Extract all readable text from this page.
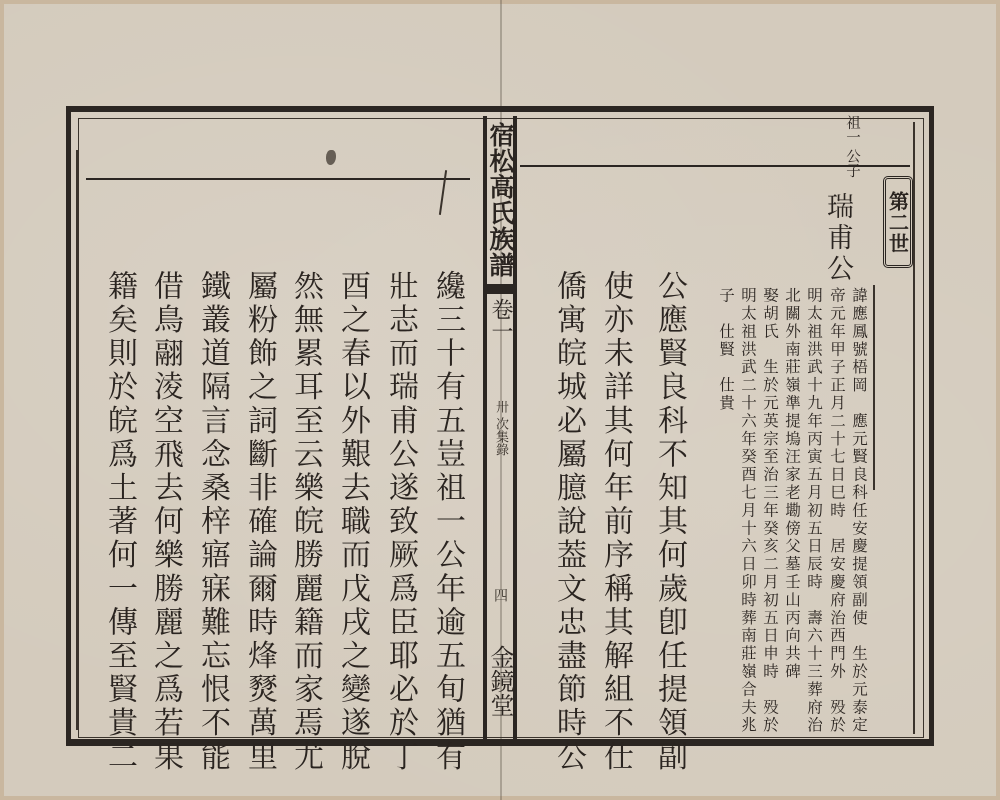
宿松高氏族譜
卷一
卅 次集錄
四
金鏡堂
祖一 公子
第二世
瑞甫公
諱應鳳號梧岡　應元賢良科任安慶提領副使　生於元泰定
帝元年甲子正月二十七日巳時　居安慶府治西門外　殁於
明太祖洪武十九年丙寅五月初五日辰時　壽六十三葬府治
北關外南莊嶺準提塢汪家老墈傍父墓壬山丙向共碑
娶胡氏　生於元英宗至治三年癸亥二月初五日申時　殁於
明太祖洪武二十六年癸酉七月十六日卯時葬南莊嶺合夫兆
子　仕賢　仕貴
公應賢良科不知其何歲卽任提領副
使亦未詳其何年前序稱其解組不仕
僑寓皖城必屬臆說葢文忠盡節時公
纔三十有五豈祖一公年逾五旬猶有
壯志而瑞甫公遂致厥爲臣耶必於丁
酉之春以外艱去職而戊戌之變遂脫
然無累耳至云樂皖勝麗籍而家焉尤
屬粉飾之詞斷非確論爾時烽燹萬里
鐵叢道隔言念桑梓寤寐難忘恨不能
借鳥翮淩空飛去何樂勝麗之爲若果
籍矣則於皖爲土著何一傳至賢貴二
